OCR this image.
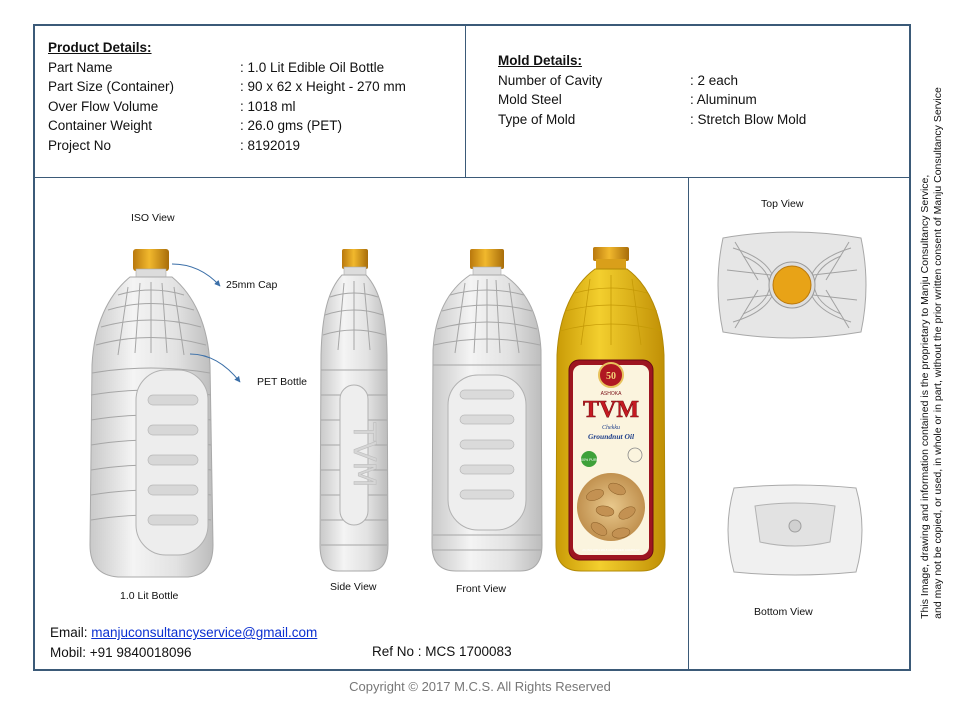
Product Details:
Part Name	: 1.0 Lit Edible Oil Bottle
Part Size (Container)	: 90 x 62 x Height - 270 mm
Over Flow Volume	: 1018 ml
Container Weight	: 26.0 gms (PET)
Project No	: 8192019
Mold Details:
Number of Cavity	: 2 each
Mold Steel	: Aluminum
Type of Mold	: Stretch Blow Mold
ISO View
25mm Cap
PET Bottle
1.0 Lit Bottle
Side View	Front View
Top View
Bottom View
TVM
50
ASHOKA
TVM
Chekku
Groundnut Oil
100% PURE
AN ISO 9001:2015 CERTIFIED COMPANY
Email: manjuconsultancyservice@gmail.com
Mobil: +91 9840018096	Ref No : MCS 1700083
Copyright © 2017 M.C.S. All Rights Reserved
This Image, drawing and information contained is the proprietary to Manju Consultancy Service, and may not be copied, or used, in whole or in part, without the prior written consent of Manju Consultancy Service
